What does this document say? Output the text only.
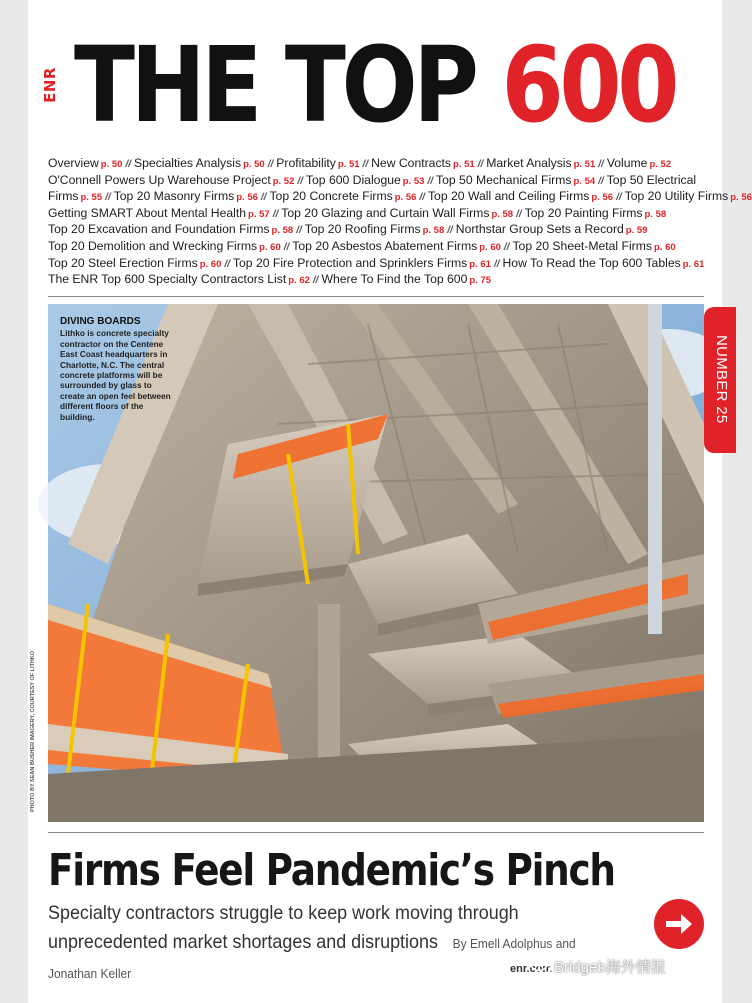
ENR THE TOP 600
Overview p. 50 // Specialties Analysis p. 50 // Profitability p. 51 // New Contracts p. 51 // Market Analysis p. 51 // Volume p. 52
O'Connell Powers Up Warehouse Project p. 52 // Top 600 Dialogue p. 53 // Top 50 Mechanical Firms p. 54 // Top 50 Electrical
Firms p. 55 // Top 20 Masonry Firms p. 56 // Top 20 Concrete Firms p. 56 // Top 20 Wall and Ceiling Firms p. 56 // Top 20 Utility Firms p. 56
Getting SMART About Mental Health p. 57 // Top 20 Glazing and Curtain Wall Firms p. 58 // Top 20 Painting Firms p. 58
Top 20 Excavation and Foundation Firms p. 58 // Top 20 Roofing Firms p. 58 // Northstar Group Sets a Record p. 59
Top 20 Demolition and Wrecking Firms p. 60 // Top 20 Asbestos Abatement Firms p. 60 // Top 20 Sheet-Metal Firms p. 60
Top 20 Steel Erection Firms p. 60 // Top 20 Fire Protection and Sprinklers Firms p. 61 // How To Read the Top 600 Tables p. 61
The ENR Top 600 Specialty Contractors List p. 62 // Where To Find the Top 600 p. 75
DIVING BOARDS
Lithko is concrete specialty contractor on the Centene East Coast headquarters in Charlotte, N.C. The central concrete platforms will be surrounded by glass to create an open feel between different floors of the building.
PHOTO BY SEAN BUSHER IMAGERY, COURTESY OF LITHKO
NUMBER 25
Firms Feel Pandemic’s Pinch
Specialty contractors struggle to keep work moving through unprecedented market shortages and disruptions By Emell Adolphus and Jonathan Keller	enr.com Bridgeb海外情报
